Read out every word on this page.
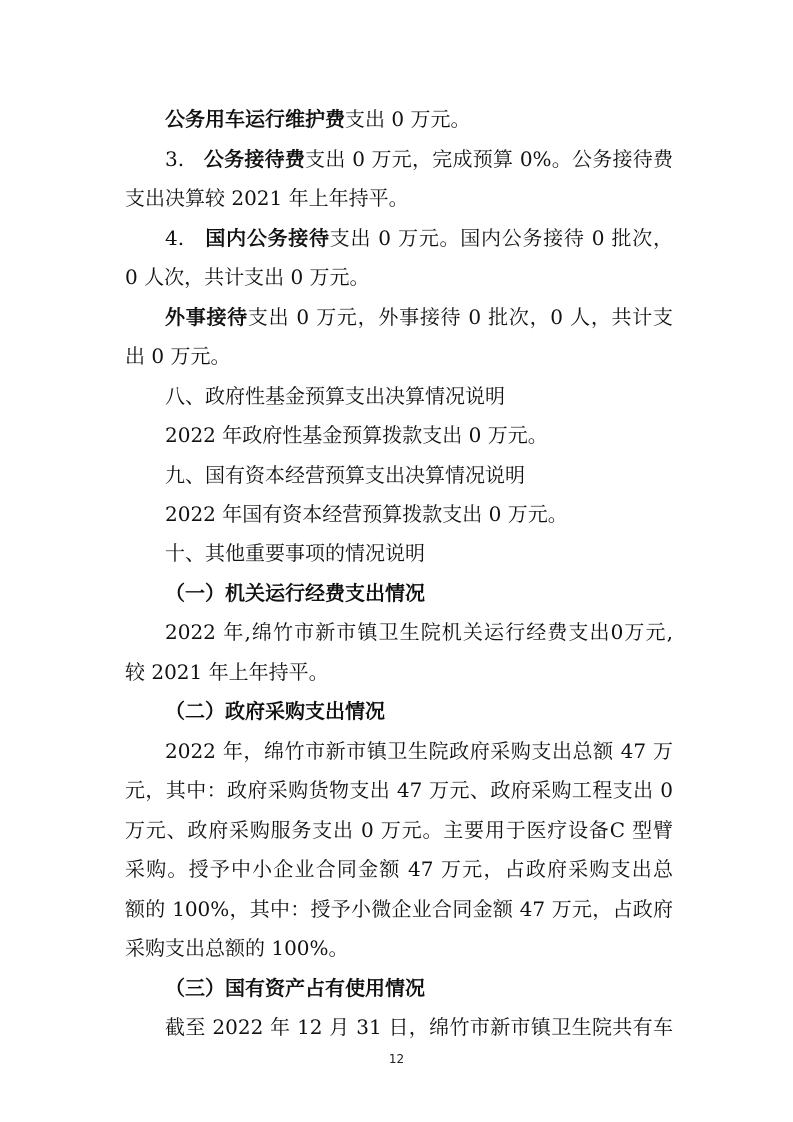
公务用车运行维护费支出 0 万元。
3. 公务接待费支出 0 万元，完成预算 0%。公务接待费
支出决算较 2021 年上年持平。
4. 国内公务接待支出 0 万元。国内公务接待 0 批次，
0 人次，共计支出 0 万元。
外事接待支出 0 万元，外事接待 0 批次，0 人，共计支
出 0 万元。
八、政府性基金预算支出决算情况说明
2022 年政府性基金预算拨款支出 0 万元。
九、国有资本经营预算支出决算情况说明
2022 年国有资本经营预算拨款支出 0 万元。
十、其他重要事项的情况说明
（一）机关运行经费支出情况
2022 年,绵竹市新市镇卫生院机关运行经费支出0万元,
较 2021 年上年持平。
（二）政府采购支出情况
2022 年，绵竹市新市镇卫生院政府采购支出总额 47 万
元，其中：政府采购货物支出 47 万元、政府采购工程支出 0
万元、政府采购服务支出 0 万元。主要用于医疗设备C 型臂
采购。授予中小企业合同金额 47 万元，占政府采购支出总
额的 100%，其中：授予小微企业合同金额 47 万元，占政府
采购支出总额的 100%。
（三）国有资产占有使用情况
截至 2022 年 12 月 31 日，绵竹市新市镇卫生院共有车
12
